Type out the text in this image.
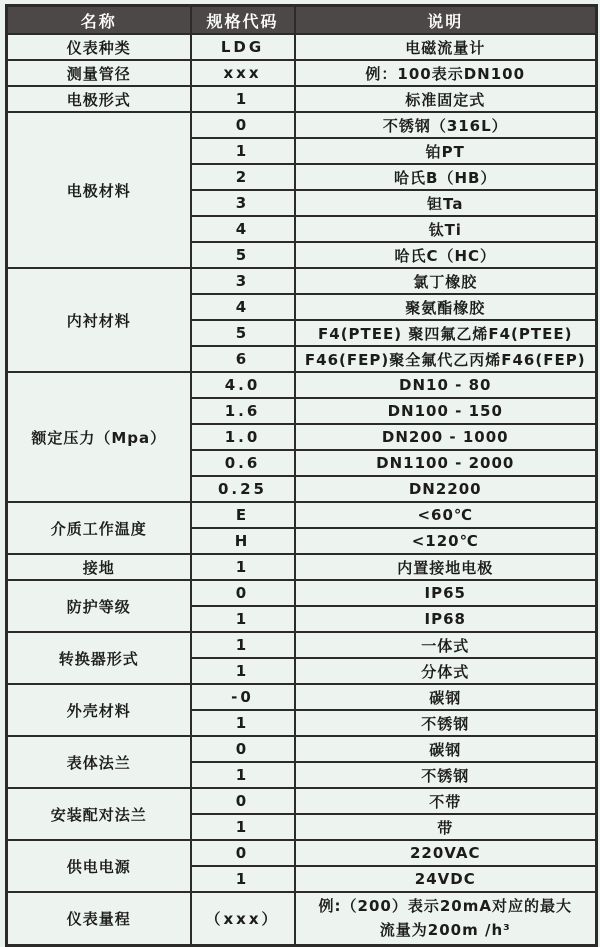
名称	规格代码	说明
仪表种类	LDG	电磁流量计
测量管径	xxx	例：100表示DN100
电极形式	1	标准固定式
电极材料	0	不锈钢（316L）
	1	铂PT
	2	哈氏B（HB）
	3	钽Ta
	4	钛Ti
	5	哈氏C（HC）
内衬材料	3	氯丁橡胶
	4	聚氨酯橡胶
	5	F4(PTEE) 聚四氟乙烯F4(PTEE)
	6	F46(FEP)聚全氟代乙丙烯F46(FEP)
额定压力（Mpa）	4.0	DN10 - 80
	1.6	DN100 - 150
	1.0	DN200 - 1000
	0.6	DN1100 - 2000
	0.25	DN2200
介质工作温度	E	<60℃
	H	<120℃
接地	1	内置接地电极
防护等级	0	IP65
	1	IP68
转换器形式	1	一体式
	1	分体式
外壳材料	-0	碳钢
	1	不锈钢
表体法兰	0	碳钢
	1	不锈钢
安装配对法兰	0	不带
	1	带
供电电源	0	220VAC
	1	24VDC
仪表量程	（xxx）	例:（200）表示20mA对应的最大
流量为200m /h³
